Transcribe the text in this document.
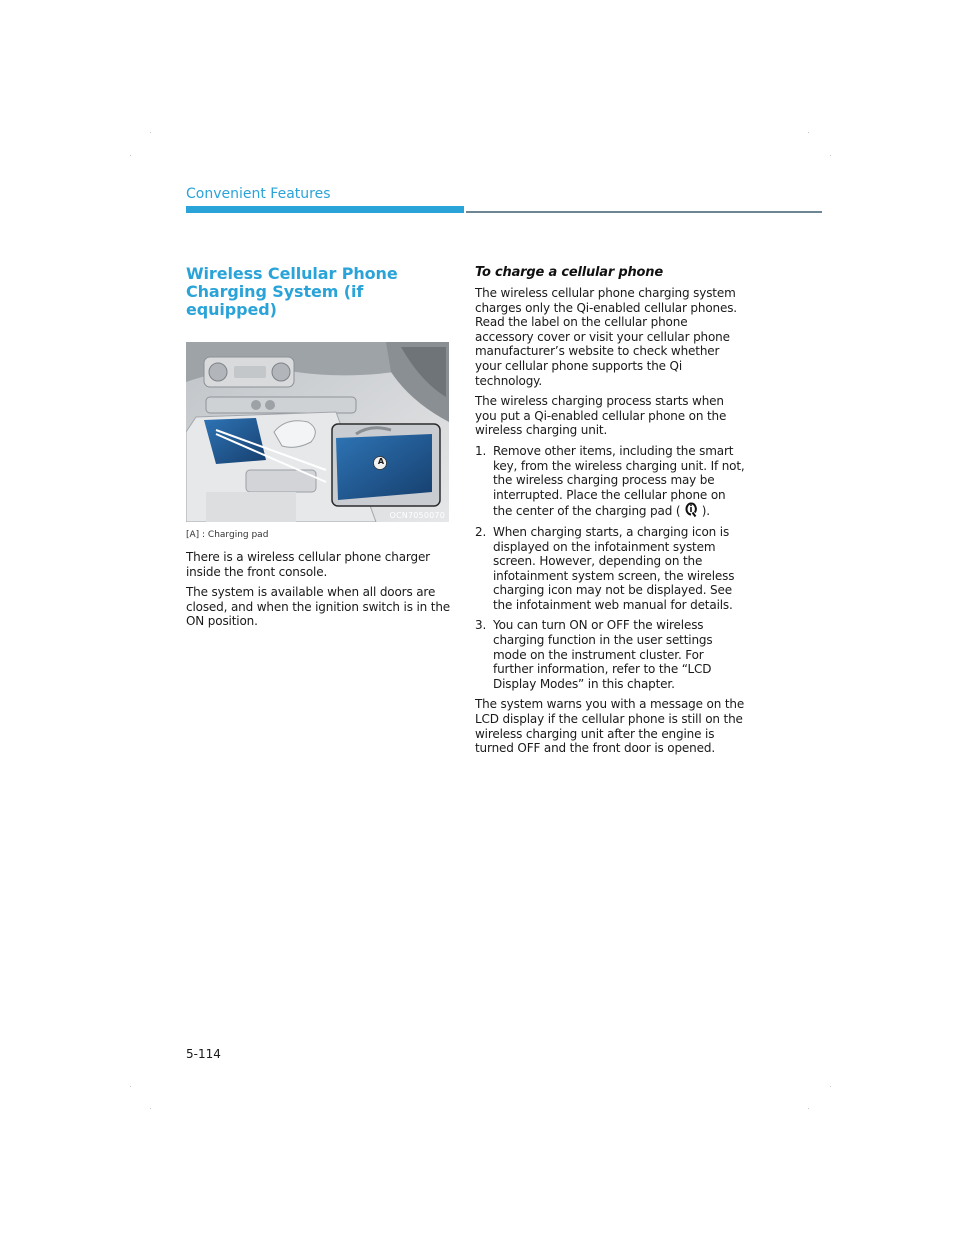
Convenient Features
Wireless Cellular Phone
Charging System (if equipped)
A
OCN7050070

[A] : Charging pad

There is a wireless cellular phone charger inside the front console.

The system is available when all doors are closed, and when the ignition switch is in the ON position.

To charge a cellular phone

The wireless cellular phone charging system charges only the Qi-enabled cellular phones. Read the label on the cellular phone accessory cover or visit your cellular phone manufacturer’s website to check whether your cellular phone supports the Qi technology.

The wireless charging process starts when you put a Qi-enabled cellular phone on the wireless charging unit.

1. Remove other items, including the smart key, from the wireless charging unit. If not, the wireless charging process may be interrupted. Place the cellular phone on the center of the charging pad ( ).
2. When charging starts, a charging icon is displayed on the infotainment system screen. However, depending on the infotainment system screen, the wireless charging icon may not be displayed. See the infotainment web manual for details.
3. You can turn ON or OFF the wireless charging function in the user settings mode on the instrument cluster. For further information, refer to the “LCD Display Modes” in this chapter.

The system warns you with a message on the LCD display if the cellular phone is still on the wireless charging unit after the engine is turned OFF and the front door is opened.

5-114
